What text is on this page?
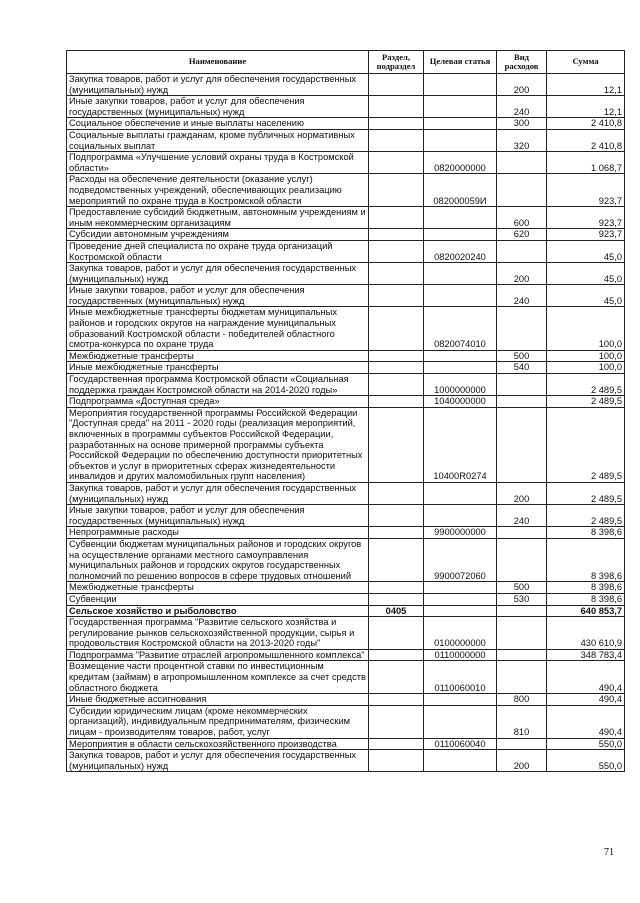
Наименование	Раздел, подраздел	Целевая статья	Вид расходов	Сумма
Закупка товаров, работ и услуг для обеспечения государственных (муниципальных) нужд			200	12,1
Иные закупки товаров, работ и услуг для обеспечения государственных (муниципальных) нужд			240	12,1
Социальное обеспечение и иные выплаты населению			300	2 410,8
Социальные выплаты гражданам, кроме публичных нормативных социальных выплат			320	2 410,8
Подпрограмма «Улучшение условий охраны труда в Костромской области»		0820000000		1 068,7
Расходы на обеспечение деятельности (оказание услуг) подведомственных учреждений, обеспечивающих реализацию мероприятий по охране труда в Костромской области		082000059И		923,7
Предоставление субсидий бюджетным, автономным учреждениям и иным некоммерческим организациям			600	923,7
Субсидии автономным учреждениям			620	923,7
Проведение дней специалиста по охране труда организаций Костромской области		0820020240		45,0
Закупка товаров, работ и услуг для обеспечения государственных (муниципальных) нужд			200	45,0
Иные закупки товаров, работ и услуг для обеспечения государственных (муниципальных) нужд			240	45,0
Иные межбюджетные трансферты бюджетам муниципальных районов и городских округов на награждение муниципальных образований Костромской области - победителей областного смотра-конкурса по охране труда		0820074010		100,0
Межбюджетные трансферты			500	100,0
Иные межбюджетные трансферты			540	100,0
Государственная программа Костромской области «Социальная поддержка граждан Костромской области на 2014-2020 годы»		1000000000		2 489,5
Подпрограмма «Доступная среда»		1040000000		2 489,5
Мероприятия государственной программы Российской Федерации "Доступная среда" на 2011 - 2020 годы (реализация мероприятий, включенных в программы субъектов Российской Федерации, разработанных на основе примерной программы субъекта Российской Федерации по обеспечению доступности приоритетных объектов и услуг в приоритетных сферах жизнедеятельности инвалидов и других маломобильных групп населения)		10400R0274		2 489,5
Закупка товаров, работ и услуг для обеспечения государственных (муниципальных) нужд			200	2 489,5
Иные закупки товаров, работ и услуг для обеспечения государственных (муниципальных) нужд			240	2 489,5
Непрограммные расходы		9900000000		8 398,6
Субвенции бюджетам муниципальных районов и городских округов на осуществление органами местного самоуправления муниципальных районов и городских округов государственных полномочий по решению вопросов в сфере трудовых отношений		9900072060		8 398,6
Межбюджетные трансферты			500	8 398,6
Субвенции			530	8 398,6
Сельское хозяйство и рыболовство	0405			640 853,7
Государственная программа "Развитие сельского хозяйства и регулирование рынков сельскохозяйственной продукции, сырья и продовольствия Костромской области на 2013-2020 годы"		0100000000		430 610,9
Подпрограмма "Развитие отраслей агропромышленного комплекса"		0110000000		348 783,4
Возмещение части процентной ставки по инвестиционным кредитам (займам) в агропромышленном комплексе за счет средств областного бюджета		0110060010		490,4
Иные бюджетные ассигнования			800	490,4
Субсидии юридическим лицам (кроме некоммерческих организаций), индивидуальным предпринимателям, физическим лицам - производителям товаров, работ, услуг			810	490,4
Мероприятия в области сельскохозяйственного производства		0110060040		550,0
Закупка товаров, работ и услуг для обеспечения государственных (муниципальных) нужд			200	550,0
71
